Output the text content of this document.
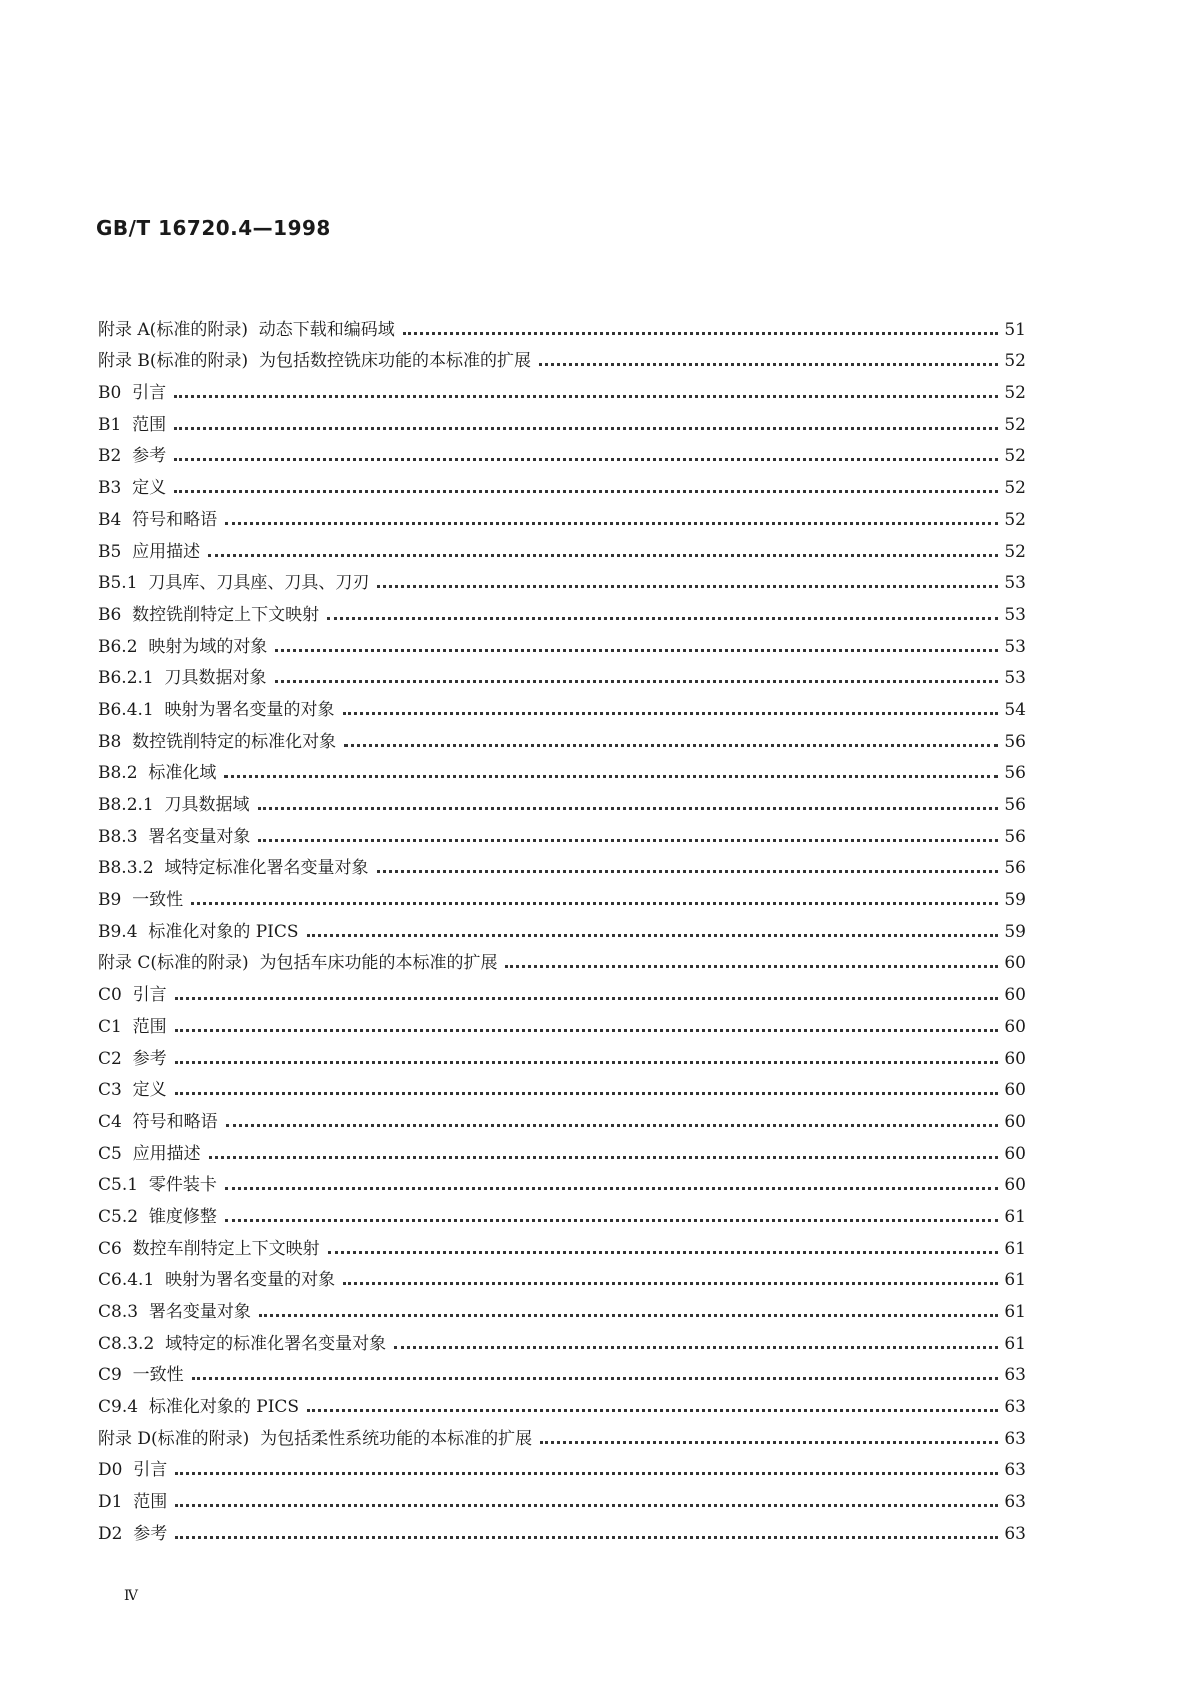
GB/T 16720.4—1998
附录 A(标准的附录)  动态下载和编码域	51
附录 B(标准的附录)  为包括数控铣床功能的本标准的扩展	52
B0  引言	52
B1  范围	52
B2  参考	52
B3  定义	52
B4  符号和略语	52
B5  应用描述	52
B5.1  刀具库、刀具座、刀具、刀刃	53
B6  数控铣削特定上下文映射	53
B6.2  映射为域的对象	53
B6.2.1  刀具数据对象	53
B6.4.1  映射为署名变量的对象	54
B8  数控铣削特定的标准化对象	56
B8.2  标准化域	56
B8.2.1  刀具数据域	56
B8.3  署名变量对象	56
B8.3.2  域特定标准化署名变量对象	56
B9  一致性	59
B9.4  标准化对象的 PICS	59
附录 C(标准的附录)  为包括车床功能的本标准的扩展	60
C0  引言	60
C1  范围	60
C2  参考	60
C3  定义	60
C4  符号和略语	60
C5  应用描述	60
C5.1  零件装卡	60
C5.2  锥度修整	61
C6  数控车削特定上下文映射	61
C6.4.1  映射为署名变量的对象	61
C8.3  署名变量对象	61
C8.3.2  域特定的标准化署名变量对象	61
C9  一致性	63
C9.4  标准化对象的 PICS	63
附录 D(标准的附录)  为包括柔性系统功能的本标准的扩展	63
D0  引言	63
D1  范围	63
D2  参考	63
Ⅳ
